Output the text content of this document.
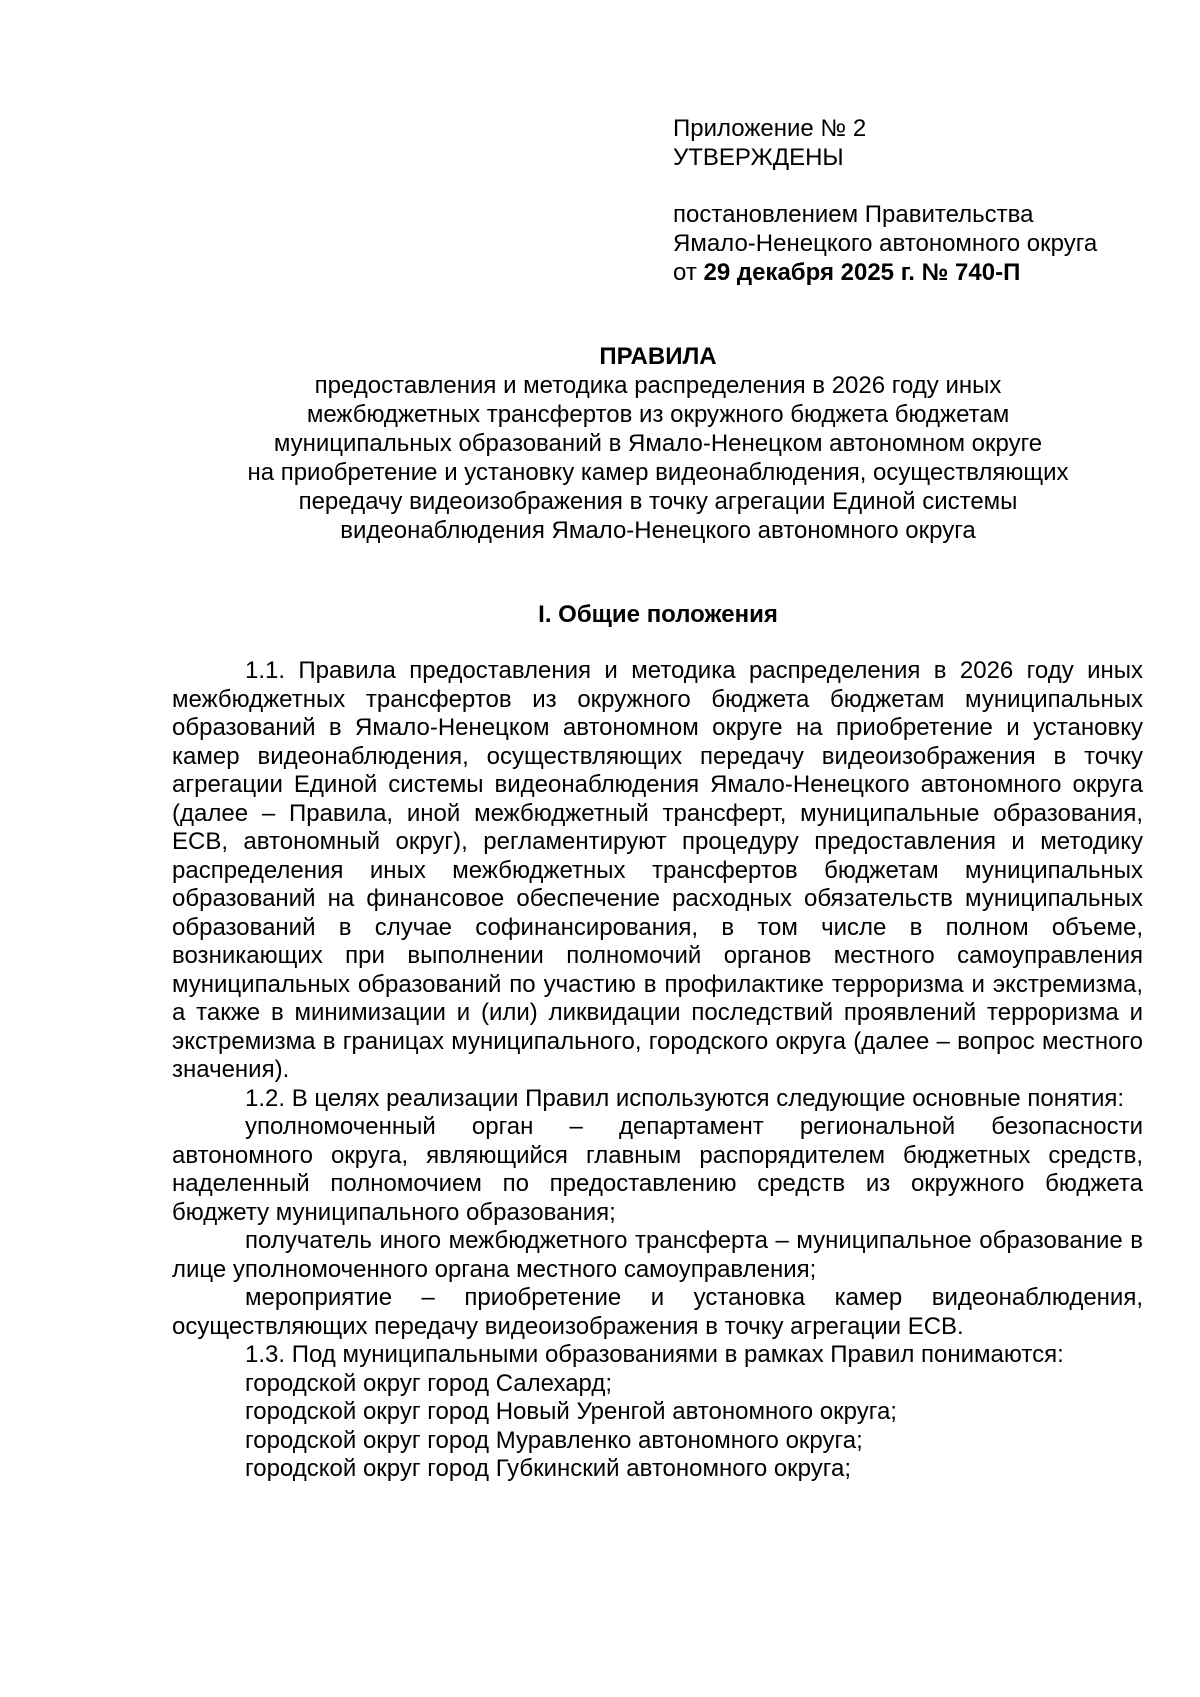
Приложение № 2
УТВЕРЖДЕНЫ
постановлением Правительства
Ямало-Ненецкого автономного округа
от 29 декабря 2025 г. № 740-П
ПРАВИЛА
предоставления и методика распределения в 2026 году иных
межбюджетных трансфертов из окружного бюджета бюджетам
муниципальных образований в Ямало-Ненецком автономном округе
на приобретение и установку камер видеонаблюдения, осуществляющих
передачу видеоизображения в точку агрегации Единой системы
видеонаблюдения Ямало-Ненецкого автономного округа
I. Общие положения

1.1. Правила предоставления и методика распределения в 2026 году иных межбюджетных трансфертов из окружного бюджета бюджетам муниципальных образований в Ямало-Ненецком автономном округе на приобретение и установку камер видеонаблюдения, осуществляющих передачу видеоизображения в точку агрегации Единой системы видеонаблюдения Ямало-Ненецкого автономного округа (далее – Правила, иной межбюджетный трансферт, муниципальные образования, ЕСВ, автономный округ), регламентируют процедуру предоставления и методику распределения иных межбюджетных трансфертов бюджетам муниципальных образований на финансовое обеспечение расходных обязательств муниципальных образований в случае софинансирования, в том числе в полном объеме, возникающих при выполнении полномочий органов местного самоуправления муниципальных образований по участию в профилактике терроризма и экстремизма, а также в минимизации и (или) ликвидации последствий проявлений терроризма и экстремизма в границах муниципального, городского округа (далее – вопрос местного значения).

1.2. В целях реализации Правил используются следующие основные понятия:

уполномоченный орган – департамент региональной безопасности автономного округа, являющийся главным распорядителем бюджетных средств, наделенный полномочием по предоставлению средств из окружного бюджета бюджету муниципального образования;

получатель иного межбюджетного трансферта – муниципальное образование в лице уполномоченного органа местного самоуправления;

мероприятие – приобретение и установка камер видеонаблюдения, осуществляющих передачу видеоизображения в точку агрегации ЕСВ.

1.3. Под муниципальными образованиями в рамках Правил понимаются:

городской округ город Салехард;

городской округ город Новый Уренгой автономного округа;

городской округ город Муравленко автономного округа;

городской округ город Губкинский автономного округа;
